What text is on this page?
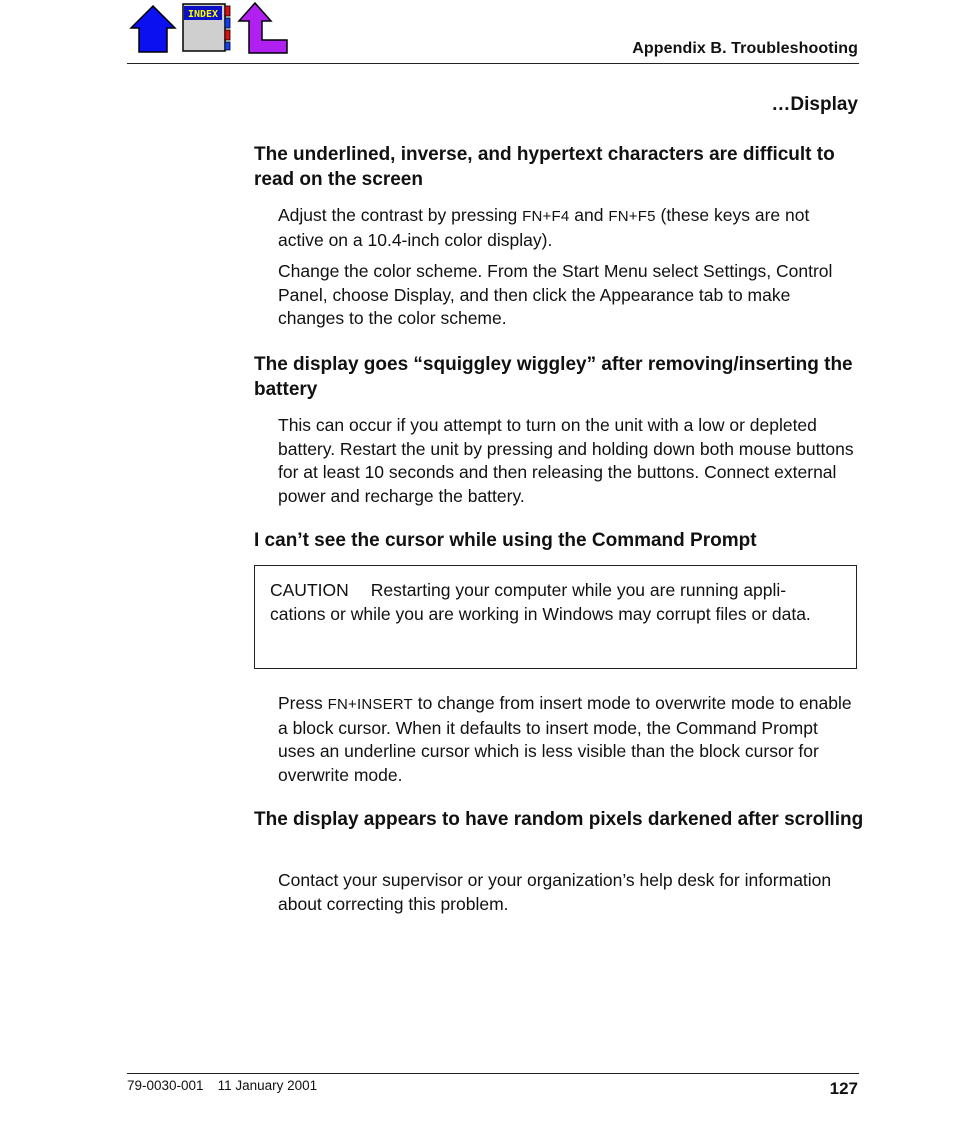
INDEX
Appendix B. Troubleshooting
…Display
The underlined, inverse, and hypertext characters are difficult to read on the screen

Adjust the contrast by pressing FN+F4 and FN+F5 (these keys are not active on a 10.4-inch color display).

Change the color scheme. From the Start Menu select Settings, Control Panel, choose Display, and then click the Appearance tab to make changes to the color scheme.

The display goes “squiggley wiggley” after removing/inserting the battery

This can occur if you attempt to turn on the unit with a low or depleted battery. Restart the unit by pressing and holding down both mouse buttons for at least 10 seconds and then releasing the buttons. Connect external power and recharge the battery.

I can’t see the cursor while using the Command Prompt

CAUTION Restarting your computer while you are running appli-cations or while you are working in Windows may corrupt files or data.

Press FN+INSERT to change from insert mode to overwrite mode to enable a block cursor. When it defaults to insert mode, the Command Prompt uses an underline cursor which is less visible than the block cursor for overwrite mode.

The display appears to have random pixels darkened after scrolling

Contact your supervisor or your organization’s help desk for information about correcting this problem.

79-0030-001 11 January 2001	127
